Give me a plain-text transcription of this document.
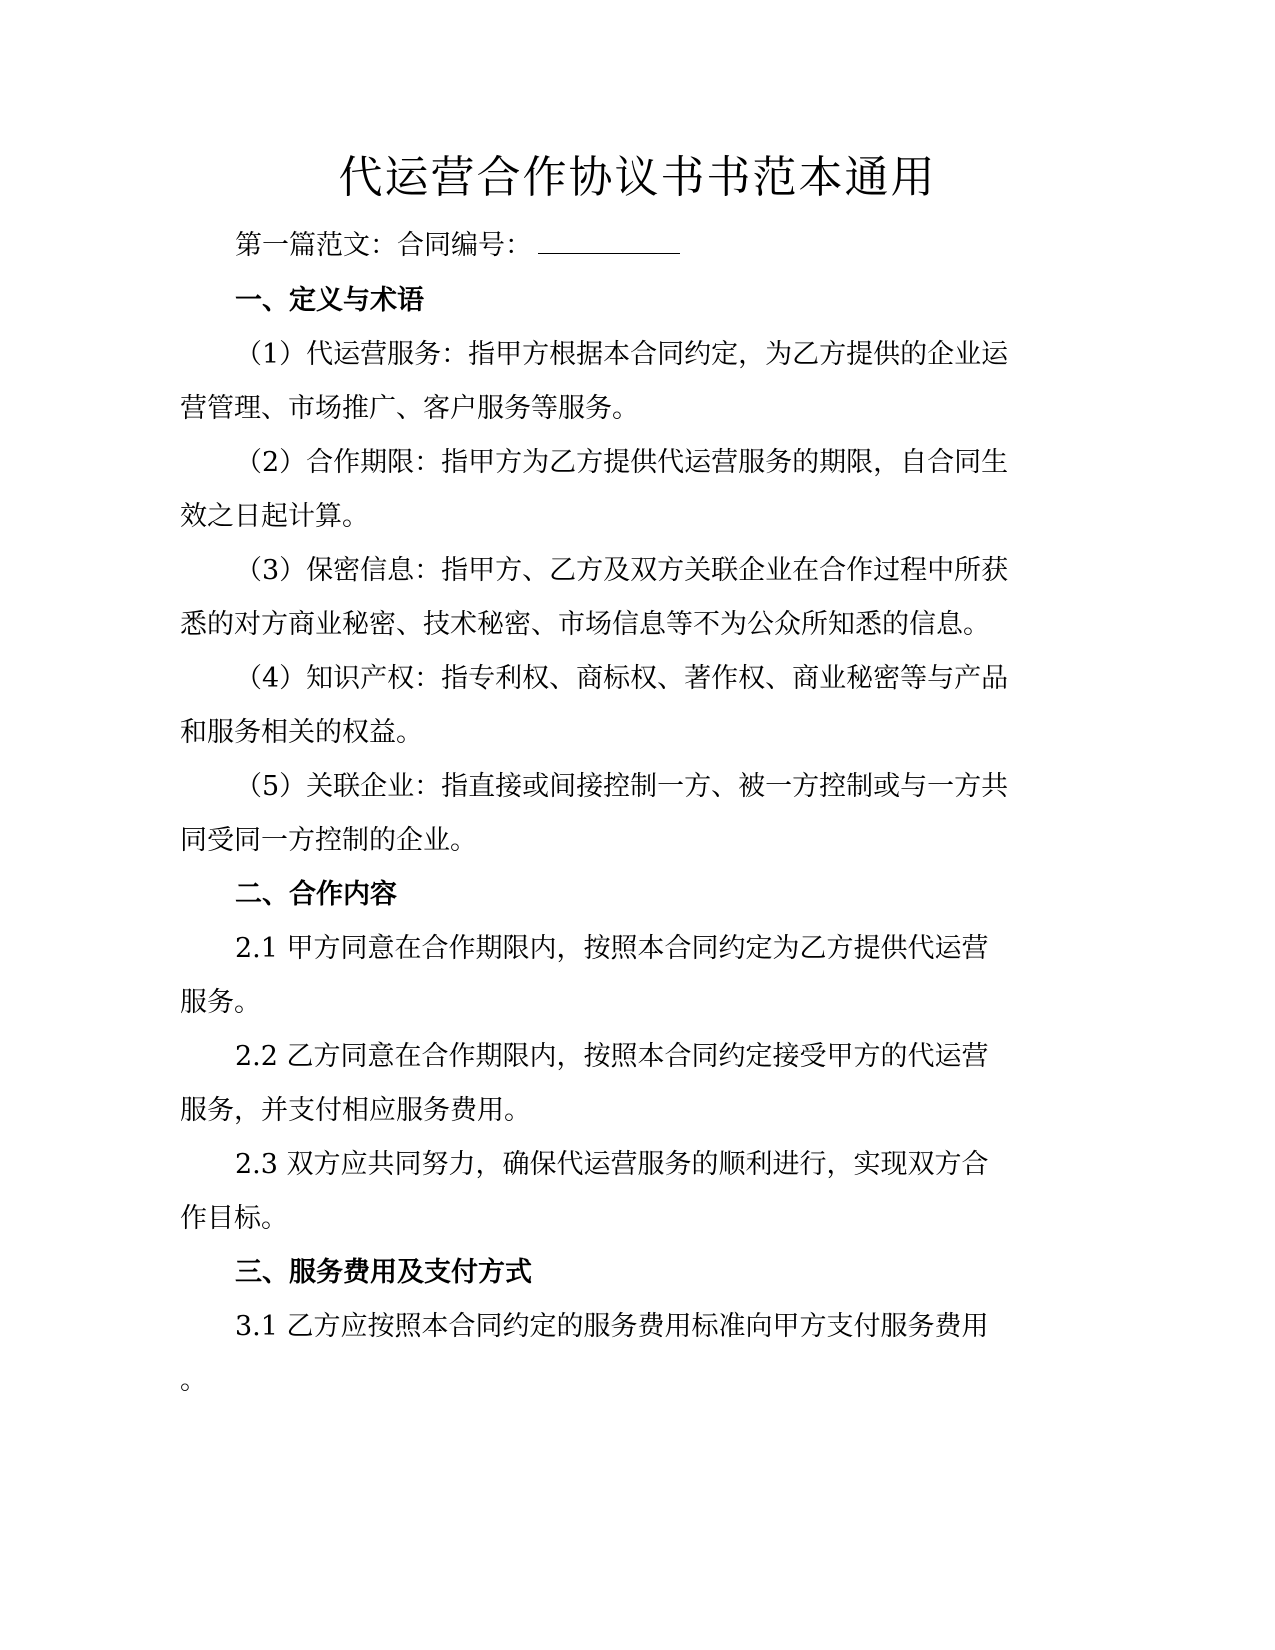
代运营合作协议书书范本通用
第一篇范文：合同编号：
一、定义与术语
（1）代运营服务：指甲方根据本合同约定，为乙方提供的企业运
营管理、市场推广、客户服务等服务。
（2）合作期限：指甲方为乙方提供代运营服务的期限，自合同生
效之日起计算。
（3）保密信息：指甲方、乙方及双方关联企业在合作过程中所获
悉的对方商业秘密、技术秘密、市场信息等不为公众所知悉的信息。
（4）知识产权：指专利权、商标权、著作权、商业秘密等与产品
和服务相关的权益。
（5）关联企业：指直接或间接控制一方、被一方控制或与一方共
同受同一方控制的企业。
二、合作内容
2.1 甲方同意在合作期限内，按照本合同约定为乙方提供代运营
服务。
2.2 乙方同意在合作期限内，按照本合同约定接受甲方的代运营
服务，并支付相应服务费用。
2.3 双方应共同努力，确保代运营服务的顺利进行，实现双方合
作目标。
三、服务费用及支付方式
3.1 乙方应按照本合同约定的服务费用标准向甲方支付服务费用
。
